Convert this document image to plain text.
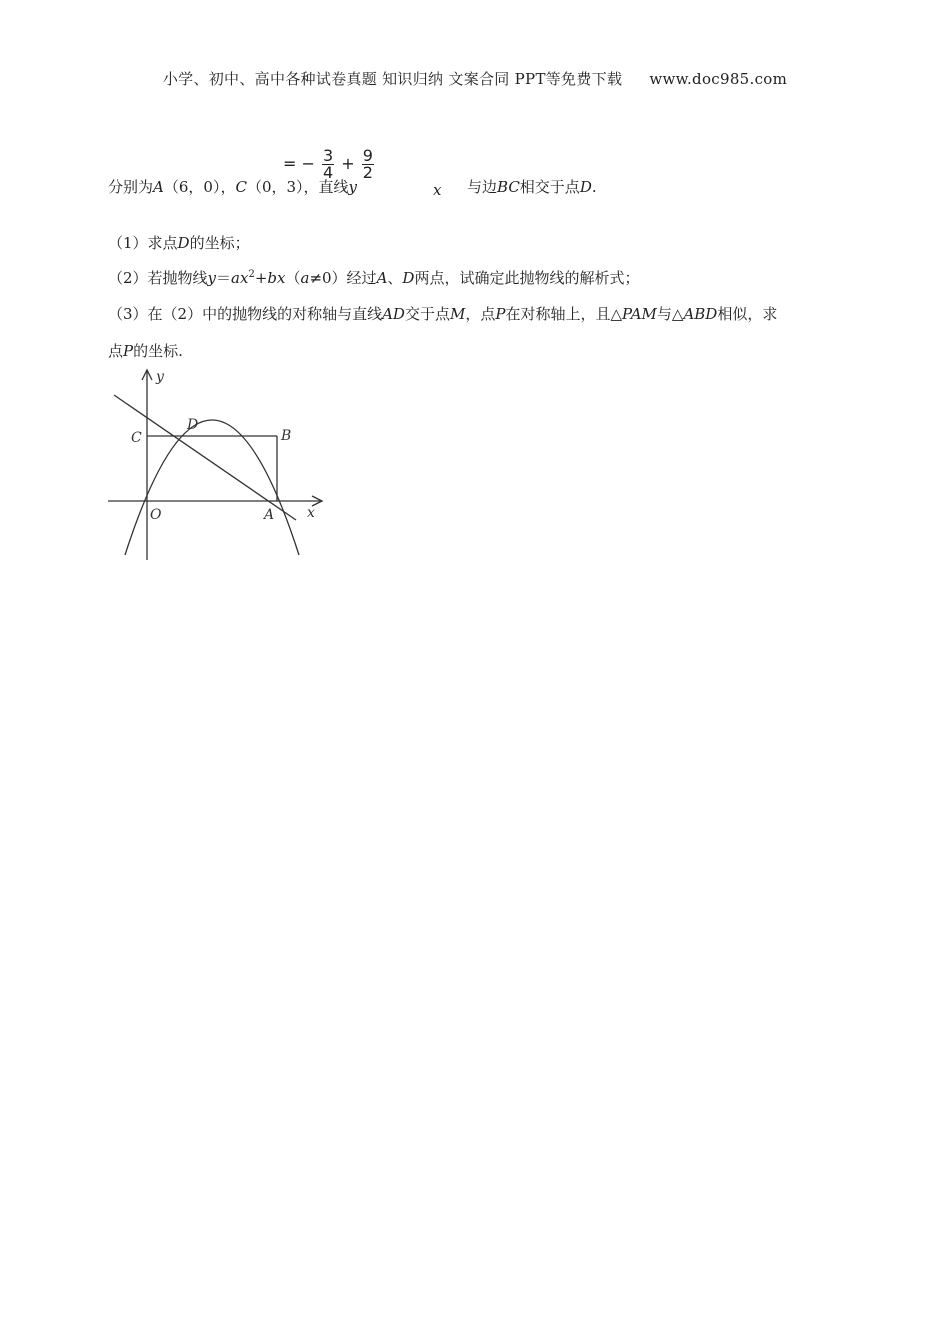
小学、初中、高中各种试卷真题 知识归纳 文案合同 PPT等免费下载 www.doc985.com
分别为A（6，0），C（0，3），直线y
= − $\frac{3}{4} + \frac{9}{2}$
x 与边BC相交于点D.
（1）求点D的坐标；
（2）若抛物线$y=ax^2+bx(a\ne 0)$经过A、D两点，试确定此抛物线的解析式；
（3）在（2）中的抛物线的对称轴与直线AD交于点M，点P在对称轴上，且△PAM与△ABD相似，求
点P的坐标.
y
x
O	A
B
C
D
